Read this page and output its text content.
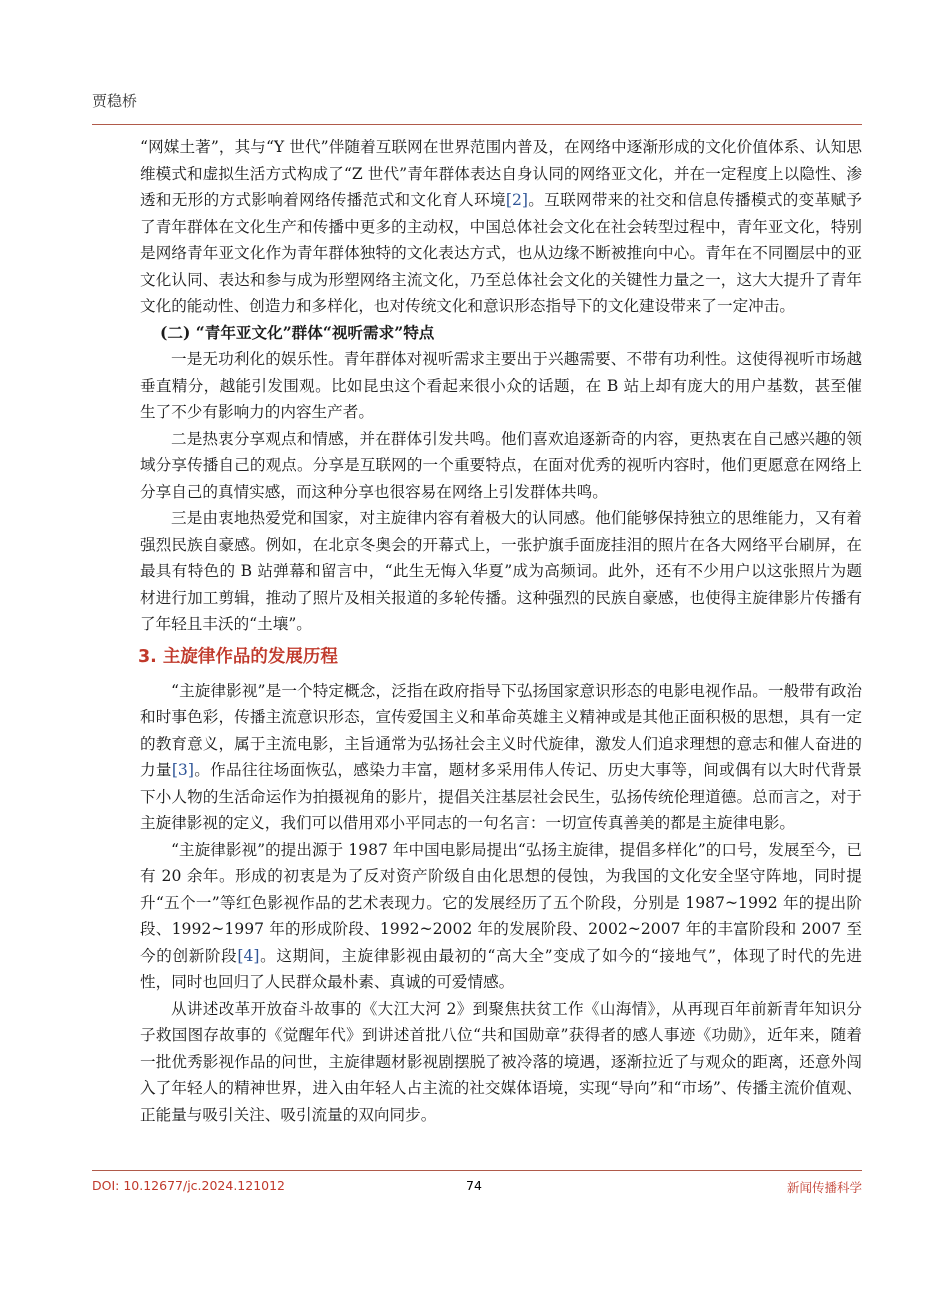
贾稳桥

“网媒土著”，其与“Y 世代”伴随着互联网在世界范围内普及，在网络中逐渐形成的文化价值体系、认知思维模式和虚拟生活方式构成了“Z 世代”青年群体表达自身认同的网络亚文化，并在一定程度上以隐性、渗透和无形的方式影响着网络传播范式和文化育人环境[2]。互联网带来的社交和信息传播模式的变革赋予了青年群体在文化生产和传播中更多的主动权，中国总体社会文化在社会转型过程中，青年亚文化，特别是网络青年亚文化作为青年群体独特的文化表达方式，也从边缘不断被推向中心。青年在不同圈层中的亚文化认同、表达和参与成为形塑网络主流文化，乃至总体社会文化的关键性力量之一，这大大提升了青年文化的能动性、创造力和多样化，也对传统文化和意识形态指导下的文化建设带来了一定冲击。

(二) “青年亚文化”群体“视听需求”特点

一是无功利化的娱乐性。青年群体对视听需求主要出于兴趣需要、不带有功利性。这使得视听市场越垂直精分，越能引发围观。比如昆虫这个看起来很小众的话题，在 B 站上却有庞大的用户基数，甚至催生了不少有影响力的内容生产者。

二是热衷分享观点和情感，并在群体引发共鸣。他们喜欢追逐新奇的内容，更热衷在自己感兴趣的领域分享传播自己的观点。分享是互联网的一个重要特点，在面对优秀的视听内容时，他们更愿意在网络上分享自己的真情实感，而这种分享也很容易在网络上引发群体共鸣。

三是由衷地热爱党和国家，对主旋律内容有着极大的认同感。他们能够保持独立的思维能力，又有着强烈民族自豪感。例如，在北京冬奥会的开幕式上，一张护旗手面庞挂泪的照片在各大网络平台刷屏，在最具有特色的 B 站弹幕和留言中，“此生无悔入华夏”成为高频词。此外，还有不少用户以这张照片为题材进行加工剪辑，推动了照片及相关报道的多轮传播。这种强烈的民族自豪感，也使得主旋律影片传播有了年轻且丰沃的“土壤”。

3. 主旋律作品的发展历程

“主旋律影视”是一个特定概念，泛指在政府指导下弘扬国家意识形态的电影电视作品。一般带有政治和时事色彩，传播主流意识形态，宣传爱国主义和革命英雄主义精神或是其他正面积极的思想，具有一定的教育意义，属于主流电影，主旨通常为弘扬社会主义时代旋律，激发人们追求理想的意志和催人奋进的力量[3]。作品往往场面恢弘，感染力丰富，题材多采用伟人传记、历史大事等，间或偶有以大时代背景下小人物的生活命运作为拍摄视角的影片，提倡关注基层社会民生，弘扬传统伦理道德。总而言之，对于主旋律影视的定义，我们可以借用邓小平同志的一句名言：一切宣传真善美的都是主旋律电影。

“主旋律影视”的提出源于 1987 年中国电影局提出“弘扬主旋律，提倡多样化”的口号，发展至今，已有 20 余年。形成的初衷是为了反对资产阶级自由化思想的侵蚀，为我国的文化安全坚守阵地，同时提升“五个一”等红色影视作品的艺术表现力。它的发展经历了五个阶段，分别是 1987~1992 年的提出阶段、1992~1997 年的形成阶段、1992~2002 年的发展阶段、2002~2007 年的丰富阶段和 2007 至今的创新阶段[4]。这期间，主旋律影视由最初的“高大全”变成了如今的“接地气”，体现了时代的先进性，同时也回归了人民群众最朴素、真诚的可爱情感。

从讲述改革开放奋斗故事的《大江大河 2》到聚焦扶贫工作《山海情》，从再现百年前新青年知识分子救国图存故事的《觉醒年代》到讲述首批八位“共和国勋章”获得者的感人事迹《功勋》，近年来，随着一批优秀影视作品的问世，主旋律题材影视剧摆脱了被冷落的境遇，逐渐拉近了与观众的距离，还意外闯入了年轻人的精神世界，进入由年轻人占主流的社交媒体语境，实现“导向”和“市场”、传播主流价值观、正能量与吸引关注、吸引流量的双向同步。

DOI: 10.12677/jc.2024.121012	74	新闻传播科学
